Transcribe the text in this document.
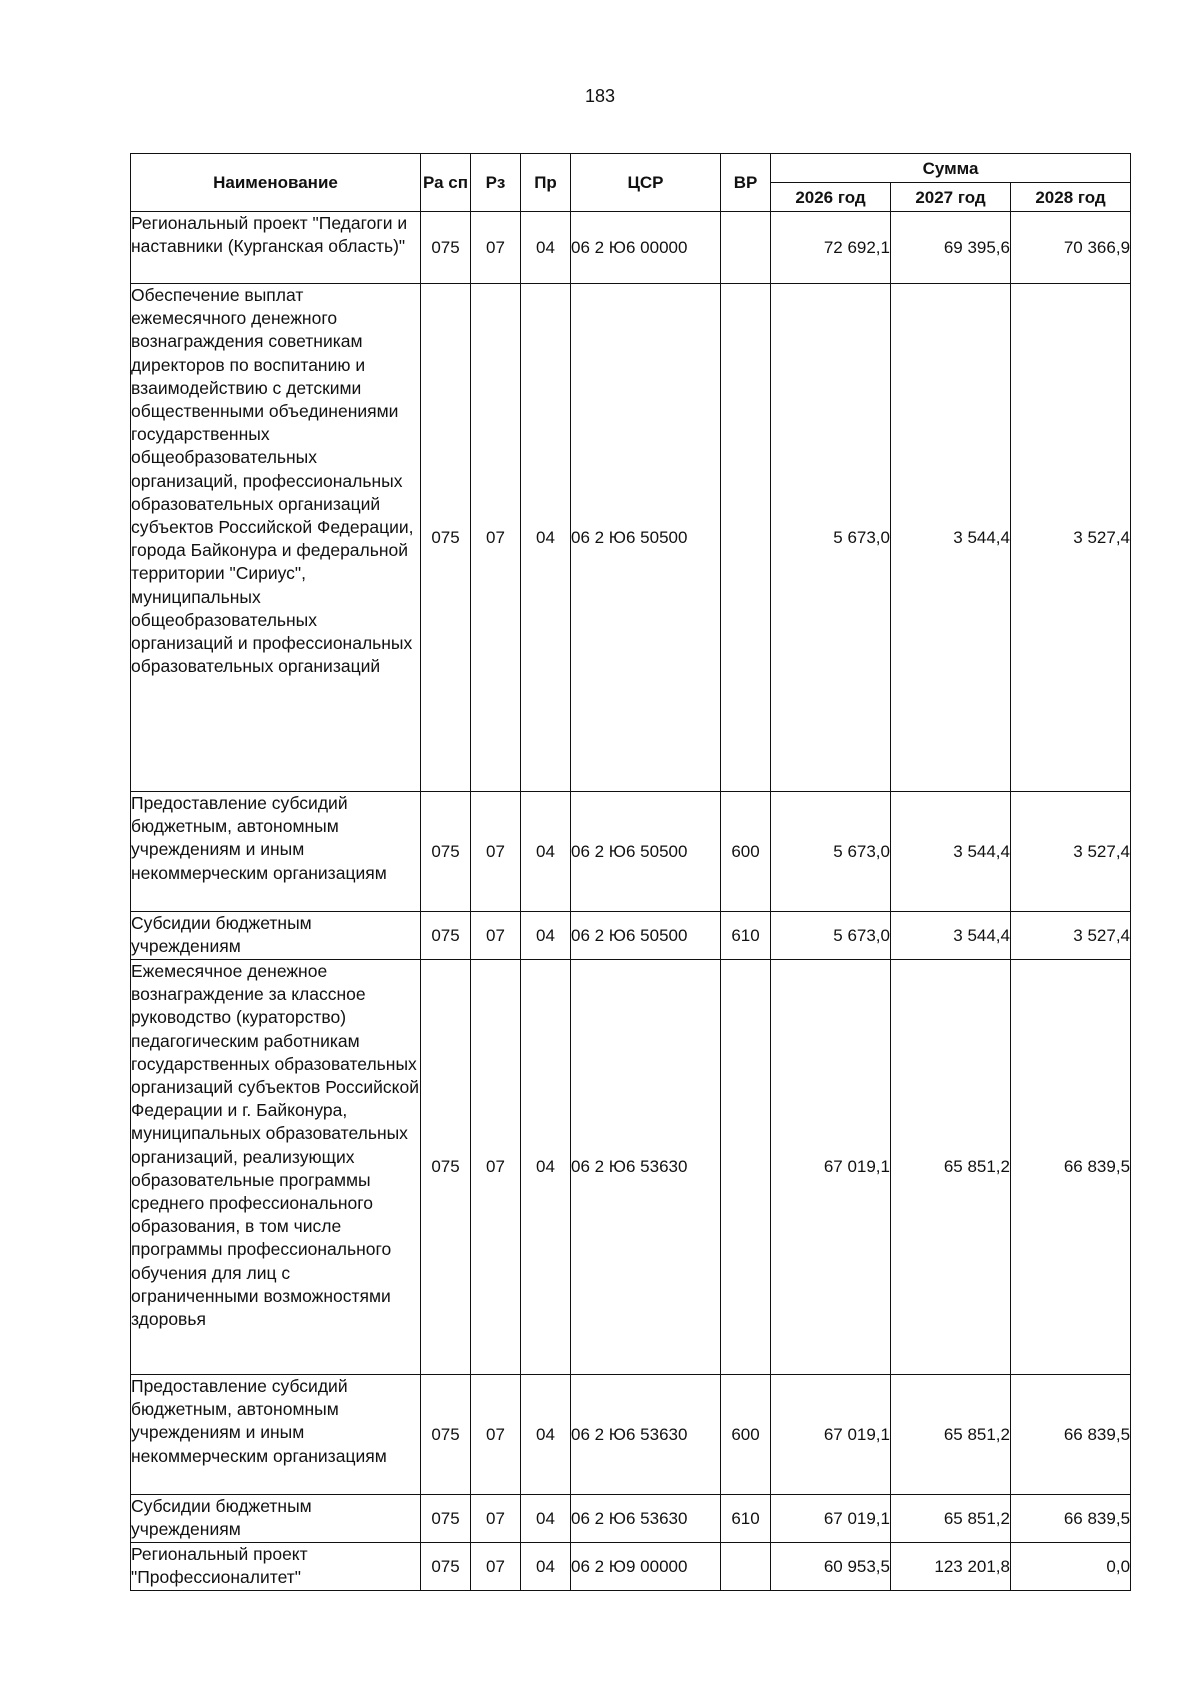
183
Наименование	Ра сп	Рз	Пр	ЦСР	ВР	Сумма		
						2026 год	2027 год	2028 год
Региональный проект "Педагоги и наставники (Курганская область)"	075	07	04	06 2 Ю6 00000		72 692,1	69 395,6	70 366,9
Обеспечение выплат ежемесячного денежного вознаграждения советникам директоров по воспитанию и взаимодействию с детскими общественными объединениями государственных общеобразовательных организаций, профессиональных образовательных организаций субъектов Российской Федерации, города Байконура и федеральной территории "Сириус", муниципальных общеобразовательных организаций и профессиональных образовательных организаций	075	07	04	06 2 Ю6 50500		5 673,0	3 544,4	3 527,4
Предоставление субсидий бюджетным, автономным учреждениям и иным некоммерческим организациям	075	07	04	06 2 Ю6 50500	600	5 673,0	3 544,4	3 527,4
Субсидии бюджетным учреждениям	075	07	04	06 2 Ю6 50500	610	5 673,0	3 544,4	3 527,4
Ежемесячное денежное вознаграждение за классное руководство (кураторство) педагогическим работникам государственных образовательных организаций субъектов Российской Федерации и г. Байконура, муниципальных образовательных организаций, реализующих образовательные программы среднего профессионального образования, в том числе программы профессионального обучения для лиц с ограниченными возможностями здоровья	075	07	04	06 2 Ю6 53630		67 019,1	65 851,2	66 839,5
Предоставление субсидий бюджетным, автономным учреждениям и иным некоммерческим организациям	075	07	04	06 2 Ю6 53630	600	67 019,1	65 851,2	66 839,5
Субсидии бюджетным учреждениям	075	07	04	06 2 Ю6 53630	610	67 019,1	65 851,2	66 839,5
Региональный проект "Профессионалитет"	075	07	04	06 2 Ю9 00000		60 953,5	123 201,8	0,0
